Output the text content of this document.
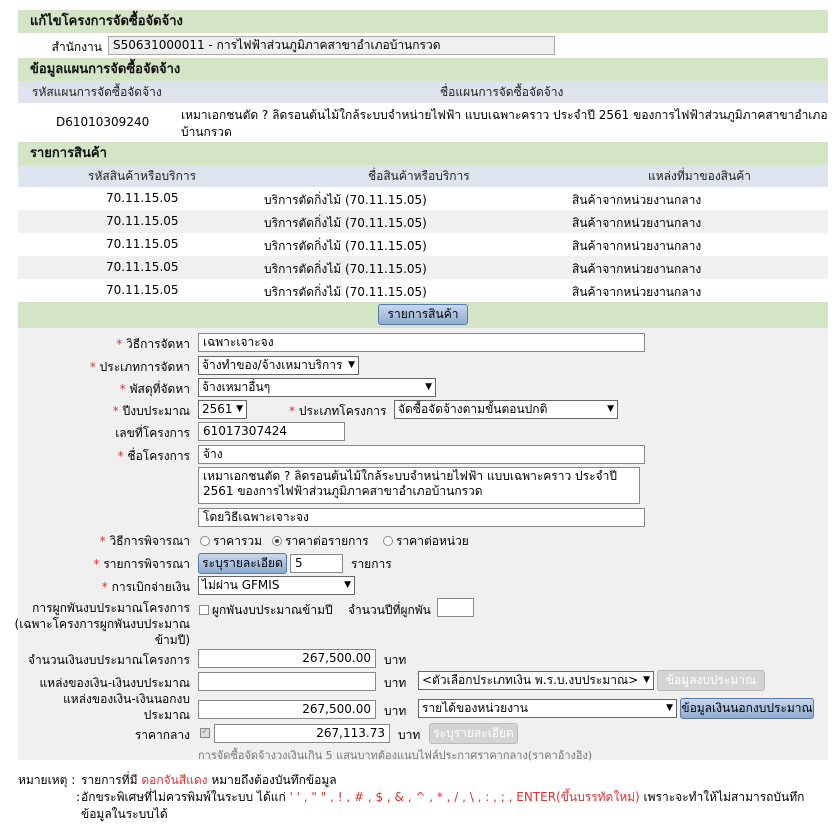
แก้ไขโครงการจัดซื้อจัดจ้าง
สำนักงาน S50631000011 - การไฟฟ้าส่วนภูมิภาคสาขาอำเภอบ้านกรวด
ข้อมูลแผนการจัดซื้อจัดจ้าง
รหัสแผนการจัดซื้อจัดจ้าง	ชื่อแผนการจัดซื้อจัดจ้าง
D61010309240	เหมาเอกชนตัด ? ลิดรอนต้นไม้ใกล้ระบบจำหน่ายไฟฟ้า แบบเฉพาะคราว ประจำปี 2561 ของการไฟฟ้าส่วนภูมิภาคสาขาอำเภอ
บ้านกรวด
รายการสินค้า
รหัสสินค้าหรือบริการ	ชื่อสินค้าหรือบริการ	แหล่งที่มาของสินค้า
70.11.15.05	บริการตัดกิ่งไม้ (70.11.15.05)	สินค้าจากหน่วยงานกลาง
70.11.15.05	บริการตัดกิ่งไม้ (70.11.15.05)	สินค้าจากหน่วยงานกลาง
70.11.15.05	บริการตัดกิ่งไม้ (70.11.15.05)	สินค้าจากหน่วยงานกลาง
70.11.15.05	บริการตัดกิ่งไม้ (70.11.15.05)	สินค้าจากหน่วยงานกลาง
70.11.15.05	บริการตัดกิ่งไม้ (70.11.15.05)	สินค้าจากหน่วยงานกลาง
รายการสินค้า
* วิธีการจัดหา	เฉพาะเจาะจง
* ประเภทการจัดหา	จ้างทำของ/จ้างเหมาบริการ ▼
* พัสดุที่จัดหา	จ้างเหมาอื่นๆ ▼
* ปีงบประมาณ	2561 ▼	* ประเภทโครงการ จัดซื้อจัดจ้างตามขั้นตอนปกติ ▼
เลขที่โครงการ	61017307424
* ชื่อโครงการ	จ้าง
เหมาเอกชนตัด ? ลิดรอนต้นไม้ใกล้ระบบจำหน่ายไฟฟ้า แบบเฉพาะคราว ประจำปี
2561 ของการไฟฟ้าส่วนภูมิภาคสาขาอำเภอบ้านกรวด
โดยวิธีเฉพาะเจาะจง
* วิธีการพิจารณา	ราคารวม	ราคาต่อรายการ	ราคาต่อหน่วย
* รายการพิจารณา	ระบุรายละเอียด	5	รายการ
* การเบิกจ่ายเงิน	ไม่ผ่าน GFMIS ▼
การผูกพันงบประมาณโครงการ
(เฉพาะโครงการผูกพันงบประมาณ
ข้ามปี)
ผูกพันงบประมาณข้ามปี จำนวนปีที่ผูกพัน
จำนวนเงินงบประมาณโครงการ	267,500.00	บาท
แหล่งของเงิน-เงินงบประมาณ	บาท	<ตัวเลือกประเภทเงิน พ.ร.บ.งบประมาณ> ▼	ข้อมูลงบประมาณ
แหล่งของเงิน-เงินนอกงบ
ประมาณ	267,500.00	บาท	รายได้ของหน่วยงาน ▼	ข้อมูลเงินนอกงบประมาณ
ราคากลาง
✓	267,113.73	บาท	ระบุรายละเอียด
การจัดซื้อจัดจ้างวงเงินเกิน 5 แสนบาทต้องแนบไฟล์ประกาศราคากลาง(ราคาอ้างอิง)
หมายเหตุ : รายการที่มี ดอกจันสีแดง หมายถึงต้องบันทึกข้อมูล
: อักขระพิเศษที่ไม่ควรพิมพ์ในระบบ ได้แก่ ' ' , " " , ! , # , $ , & , ^ , * , / , \ , : , ; , ENTER(ขึ้นบรรทัดใหม่) เพราะจะทำให้ไม่สามารถบันทึก
ข้อมูลในระบบได้
